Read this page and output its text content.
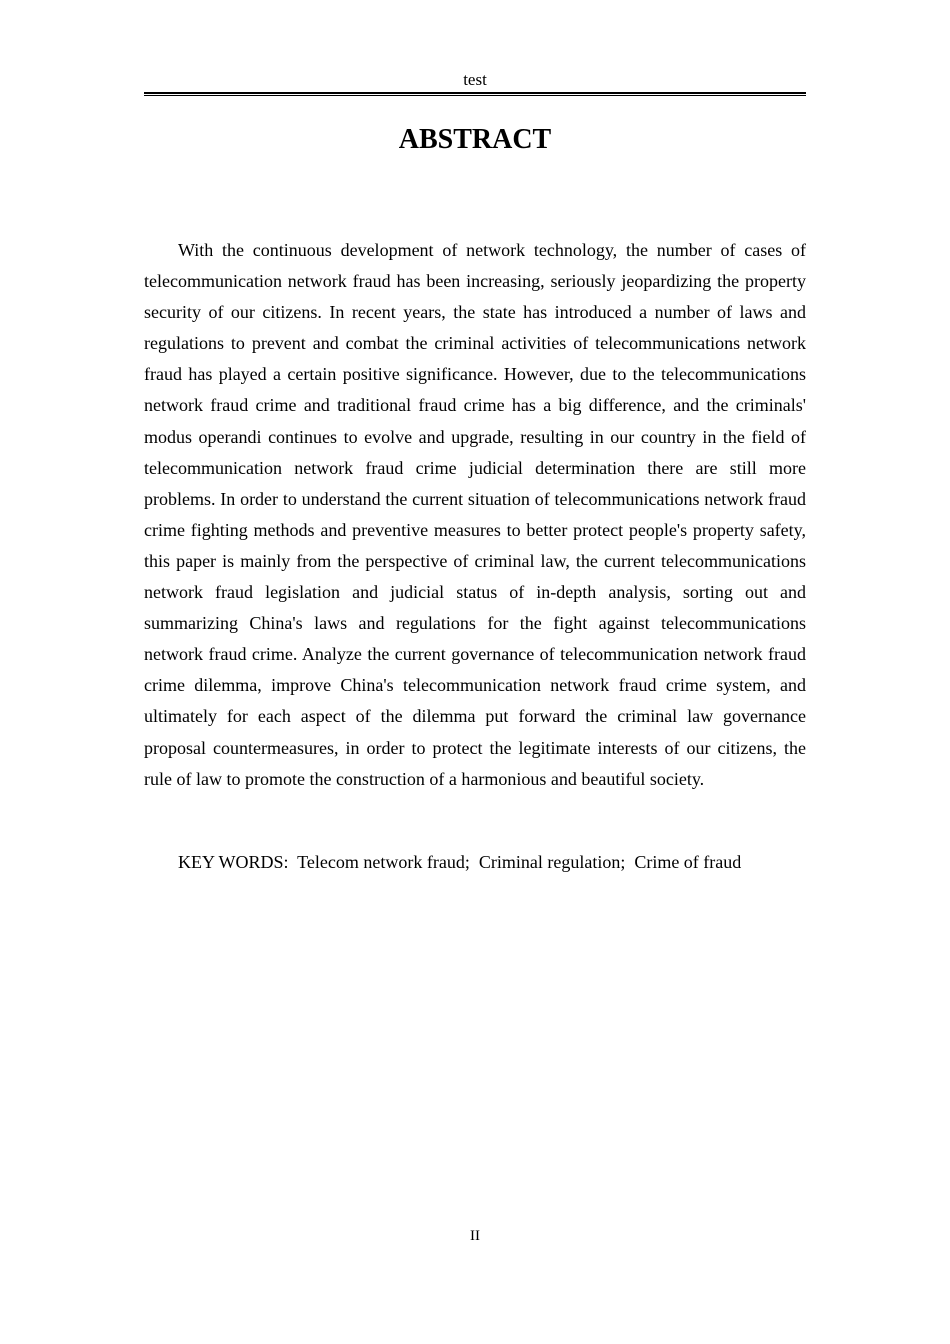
test
ABSTRACT

With the continuous development of network technology, the number of cases of telecommunication network fraud has been increasing, seriously jeopardizing the property security of our citizens. In recent years, the state has introduced a number of laws and regulations to prevent and combat the criminal activities of telecommunications network fraud has played a certain positive significance. However, due to the telecommunications network fraud crime and traditional fraud crime has a big difference, and the criminals' modus operandi continues to evolve and upgrade, resulting in our country in the field of telecommunication network fraud crime judicial determination there are still more problems. In order to understand the current situation of telecommunications network fraud crime fighting methods and preventive measures to better protect people's property safety, this paper is mainly from the perspective of criminal law, the current telecommunications network fraud legislation and judicial status of in-depth analysis, sorting out and summarizing China's laws and regulations for the fight against telecommunications network fraud crime. Analyze the current governance of telecommunication network fraud crime dilemma, improve China's telecommunication network fraud crime system, and ultimately for each aspect of the dilemma put forward the criminal law governance proposal countermeasures, in order to protect the legitimate interests of our citizens, the rule of law to promote the construction of a harmonious and beautiful society.

KEY WORDS:  Telecom network fraud;  Criminal regulation;  Crime of fraud

II
